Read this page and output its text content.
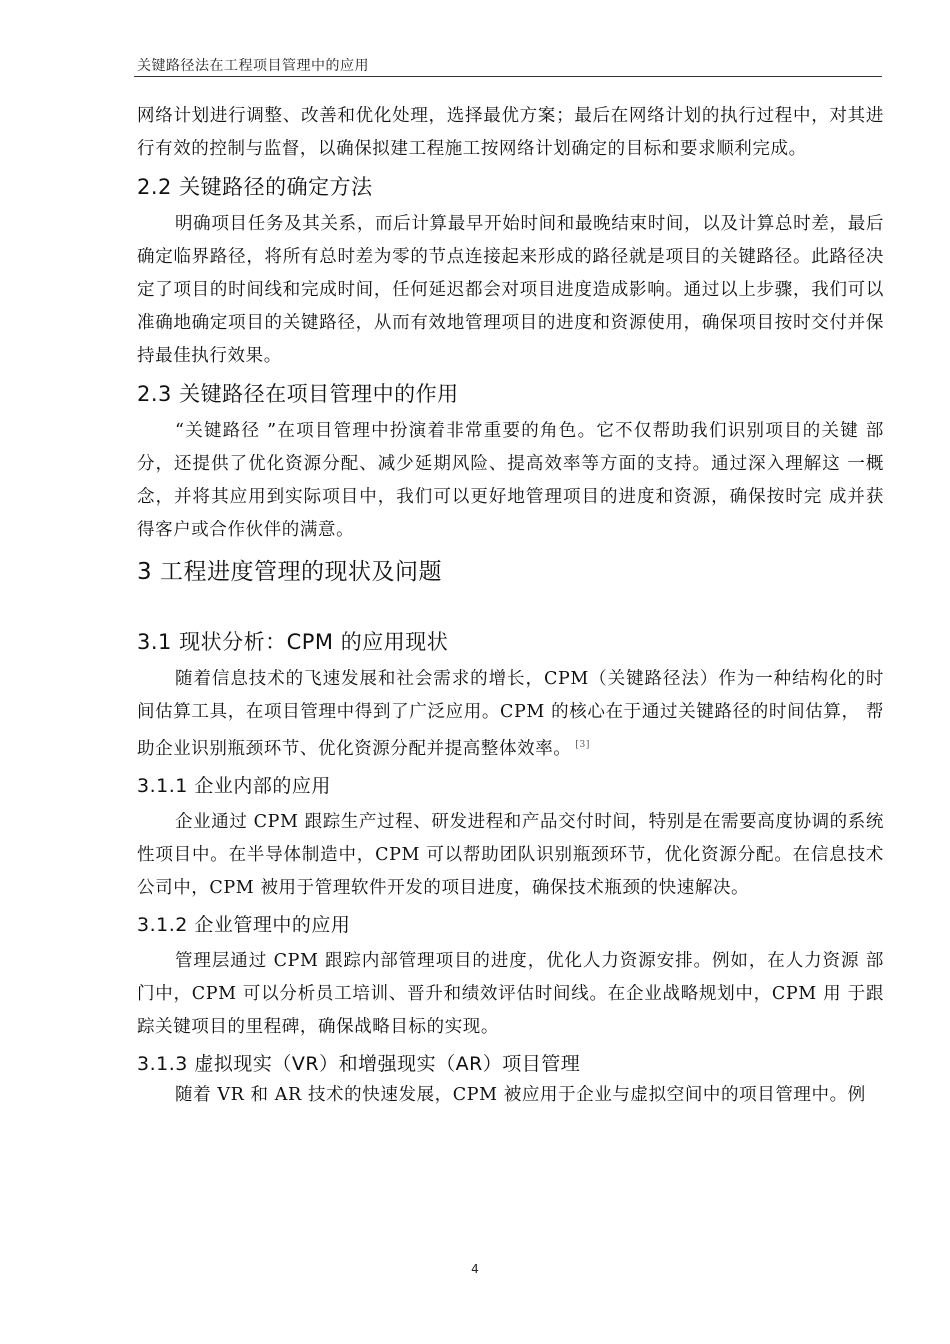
关键路径法在工程项目管理中的应用

网络计划进行调整、改善和优化处理，选择最优方案；最后在网络计划的执行过程中，对其进行有效的控制与监督，以确保拟建工程施工按网络计划确定的目标和要求顺利完成。

2.2 关键路径的确定方法

明确项目任务及其关系，而后计算最早开始时间和最晚结束时间，以及计算总时差，最后确定临界路径，将所有总时差为零的节点连接起来形成的路径就是项目的关键路径。此路径决定了项目的时间线和完成时间，任何延迟都会对项目进度造成影响。通过以上步骤，我们可以准确地确定项目的关键路径，从而有效地管理项目的进度和资源使用，确保项目按时交付并保持最佳执行效果。

2.3 关键路径在项目管理中的作用

“关键路径 ”在项目管理中扮演着非常重要的角色。它不仅帮助我们识别项目的关键 部分，还提供了优化资源分配、减少延期风险、提高效率等方面的支持。通过深入理解这 一概念，并将其应用到实际项目中，我们可以更好地管理项目的进度和资源，确保按时完 成并获得客户或合作伙伴的满意。

3 工程进度管理的现状及问题
3.1 现状分析：CPM 的应用现状

随着信息技术的飞速发展和社会需求的增长，CPM（关键路径法）作为一种结构化的时间估算工具，在项目管理中得到了广泛应用。CPM 的核心在于通过关键路径的时间估算， 帮助企业识别瓶颈环节、优化资源分配并提高整体效率。 [3]

3.1.1 企业内部的应用

企业通过 CPM 跟踪生产过程、研发进程和产品交付时间，特别是在需要高度协调的系统性项目中。在半导体制造中，CPM 可以帮助团队识别瓶颈环节，优化资源分配。在信息技术公司中，CPM 被用于管理软件开发的项目进度，确保技术瓶颈的快速解决。

3.1.2 企业管理中的应用

管理层通过 CPM 跟踪内部管理项目的进度，优化人力资源安排。例如，在人力资源 部门中，CPM 可以分析员工培训、晋升和绩效评估时间线。在企业战略规划中，CPM 用 于跟踪关键项目的里程碑，确保战略目标的实现。

3.1.3 虚拟现实（VR）和增强现实（AR）项目管理

随着 VR 和 AR 技术的快速发展，CPM 被应用于企业与虚拟空间中的项目管理中。例

4
